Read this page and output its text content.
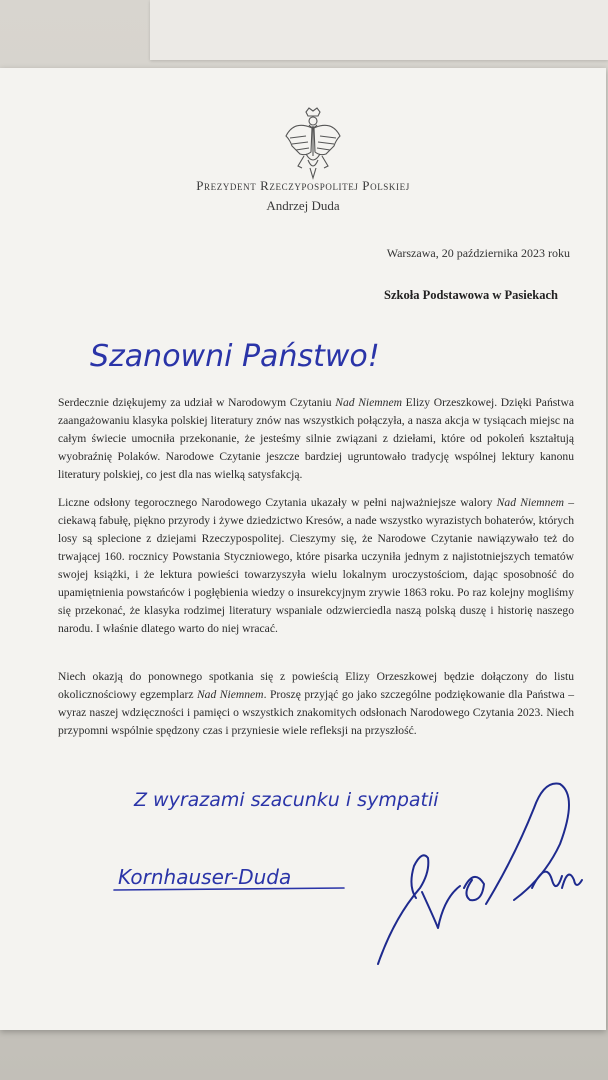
Prezydent Rzeczypospolitej Polskiej
Andrzej Duda
Warszawa, 20 października 2023 roku
Szkoła Podstawowa w Pasiekach
Szanowni Państwo!

Serdecznie dziękujemy za udział w Narodowym Czytaniu Nad Niemnem Elizy Orzeszkowej. Dzięki Państwa zaangażowaniu klasyka polskiej literatury znów nas wszystkich połączyła, a nasza akcja w tysiącach miejsc na całym świecie umocniła przekonanie, że jesteśmy silnie związani z dziełami, które od pokoleń kształtują wyobraźnię Polaków. Narodowe Czytanie jeszcze bardziej ugruntowało tradycję wspólnej lektury kanonu literatury polskiej, co jest dla nas wielką satysfakcją.

Liczne odsłony tegorocznego Narodowego Czytania ukazały w pełni najważniejsze walory Nad Niemnem – ciekawą fabułę, piękno przyrody i żywe dziedzictwo Kresów, a nade wszystko wyrazistych bohaterów, których losy są splecione z dziejami Rzeczypospolitej. Cieszymy się, że Narodowe Czytanie nawiązywało też do trwającej 160. rocznicy Powstania Styczniowego, które pisarka uczyniła jednym z najistotniejszych tematów swojej książki, i że lektura powieści towarzyszyła wielu lokalnym uroczystościom, dając sposobność do upamiętnienia powstańców i pogłębienia wiedzy o insurekcyjnym zrywie 1863 roku. Po raz kolejny mogliśmy się przekonać, że klasyka rodzimej literatury wspaniale odzwierciedla naszą polską duszę i historię naszego narodu. I właśnie dlatego warto do niej wracać.

Niech okazją do ponownego spotkania się z powieścią Elizy Orzeszkowej będzie dołączony do listu okolicznościowy egzemplarz Nad Niemnem. Proszę przyjąć go jako szczególne podziękowanie dla Państwa – wyraz naszej wdzięczności i pamięci o wszystkich znakomitych odsłonach Narodowego Czytania 2023. Niech przypomni wspólnie spędzony czas i przyniesie wiele refleksji na przyszłość.

Z wyrazami szacunku i sympatii
Kornhauser-Duda
